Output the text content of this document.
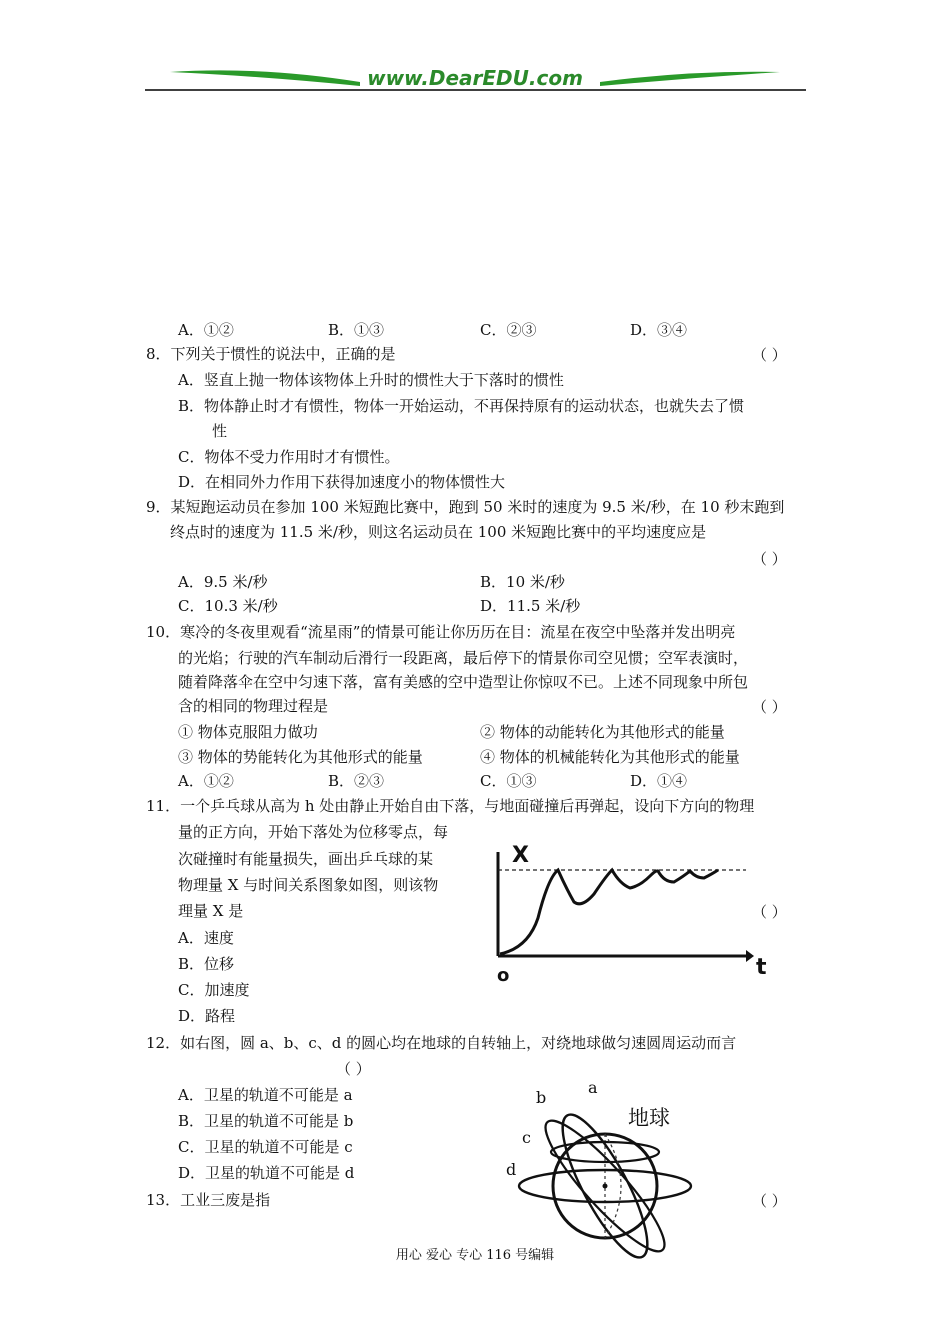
www.DearEDU.com
A．①②	B．①③	C．②③	D．③④
8．下列关于惯性的说法中，正确的是	（ ）
A．竖直上抛一物体该物体上升时的惯性大于下落时的惯性
B．物体静止时才有惯性，物体一开始运动，不再保持原有的运动状态，也就失去了惯
性
C．物体不受力作用时才有惯性。
D．在相同外力作用下获得加速度小的物体惯性大
9．某短跑运动员在参加 100 米短跑比赛中，跑到 50 米时的速度为 9.5 米/秒，在 10 秒末跑到
终点时的速度为 11.5 米/秒，则这名运动员在 100 米短跑比赛中的平均速度应是
（ ）
A．9.5 米/秒	B．10 米/秒
C．10.3 米/秒	D．11.5 米/秒
10．寒冷的冬夜里观看“流星雨”的情景可能让你历历在目：流星在夜空中坠落并发出明亮
的光焰；行驶的汽车制动后滑行一段距离，最后停下的情景你司空见惯；空军表演时，
随着降落伞在空中匀速下落，富有美感的空中造型让你惊叹不已。上述不同现象中所包
含的相同的物理过程是	（ ）
① 物体克服阻力做功	② 物体的动能转化为其他形式的能量
③ 物体的势能转化为其他形式的能量	④ 物体的机械能转化为其他形式的能量
A．①②	B．②③	C．①③	D．①④
11．一个乒乓球从高为 h 处由静止开始自由下落，与地面碰撞后再弹起，设向下方向的物理
量的正方向，开始下落处为位移零点，每
次碰撞时有能量损失，画出乒乓球的某
物理量 X 与时间关系图象如图，则该物
理量 X 是	（ ）
A．速度
B．位移
C．加速度
D．路程
X
t
o
12．如右图，圆 a、b、c、d 的圆心均在地球的自转轴上，对绕地球做匀速圆周运动而言
（ ）
A．卫星的轨道不可能是 a
B．卫星的轨道不可能是 b
C．卫星的轨道不可能是 c
D．卫星的轨道不可能是 d
b
a
c
d
地球
13．工业三废是指	（ ）
用心 爱心 专心 116 号编辑
